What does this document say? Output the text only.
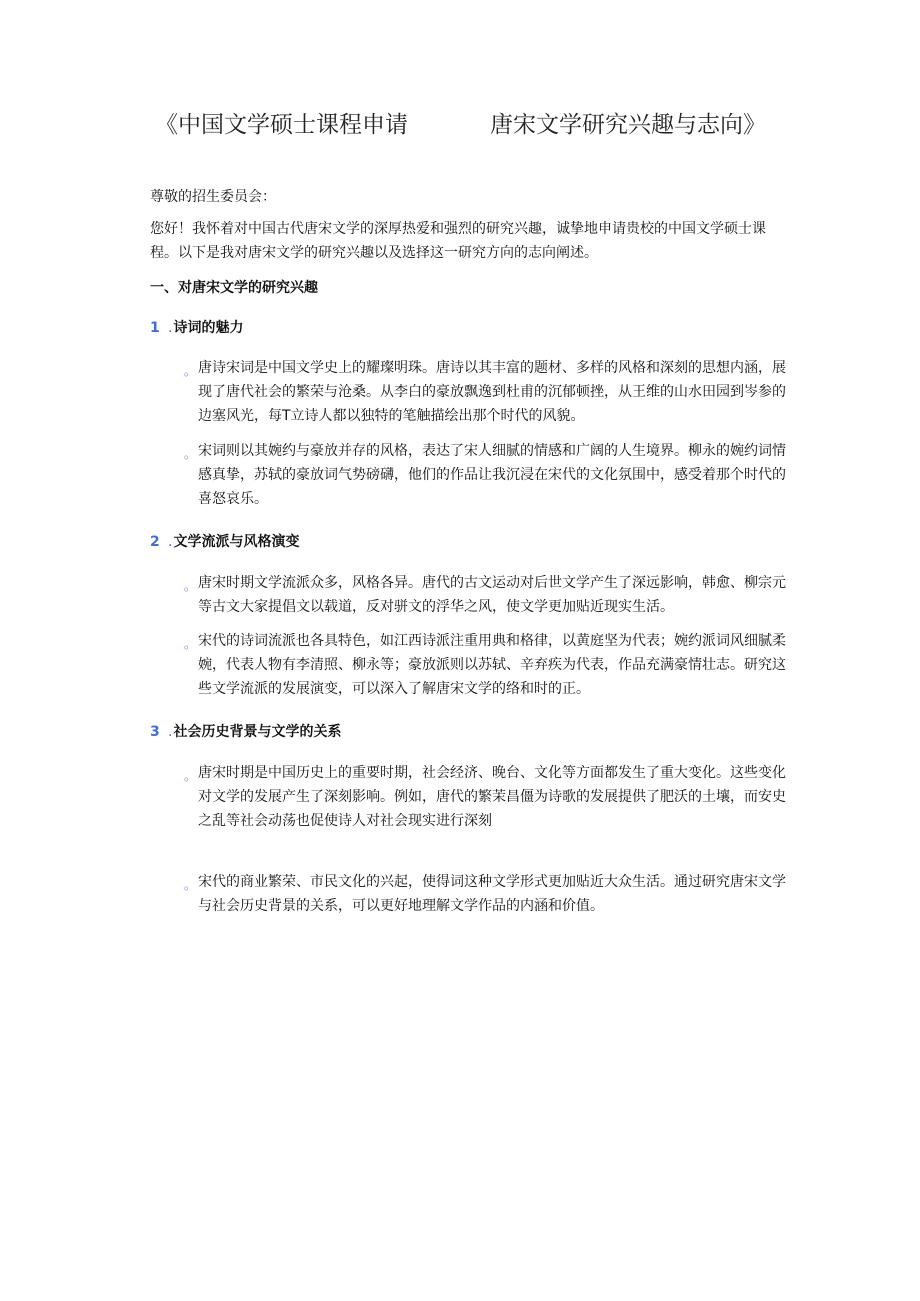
《中国文学硕士课程申请	唐宋文学研究兴趣与志向》
尊敬的招生委员会：
您好！我怀着对中国古代唐宋文学的深厚热爱和强烈的研究兴趣，诚挚地申请贵校的中国文学硕士课程。以下是我对唐宋文学的研究兴趣以及选择这一研究方向的志向阐述。
一、对唐宋文学的研究兴趣
1 .诗词的魅力
。 唐诗宋词是中国文学史上的耀璨明珠。唐诗以其丰富的题材、多样的风格和深刻的思想内涵，展现了唐代社会的繁荣与沧桑。从李白的豪放飘逸到杜甫的沉郁顿挫，从王维的山水田园到岑参的边塞风光，每T立诗人都以独特的笔触描绘出那个时代的风貌。
。 宋词则以其婉约与豪放并存的风格，表达了宋人细腻的情感和广阔的人生境界。柳永的婉约词情感真挚，苏轼的豪放词气势磅礴，他们的作品让我沉浸在宋代的文化氛围中，感受着那个时代的喜怒哀乐。
2 .文学流派与风格演变
。 唐宋时期文学流派众多，风格各异。唐代的古文运动对后世文学产生了深远影响，韩愈、柳宗元等古文大家提倡文以载道，反对骈文的浮华之风，使文学更加贴近现实生活。
。 宋代的诗词流派也各具特色，如江西诗派注重用典和格律，以黄庭坚为代表；婉约派词风细腻柔婉，代表人物有李清照、柳永等；豪放派则以苏轼、辛弃疾为代表，作品充满豪情壮志。研究这些文学流派的发展演变，可以深入了解唐宋文学的络和时的正。
3 .社会历史背景与文学的关系
。 唐宋时期是中国历史上的重要时期，社会经济、晚台、文化等方面都发生了重大变化。这些变化对文学的发展产生了深刻影响。例如，唐代的繁茉昌僵为诗歌的发展提供了肥沃的土壤，而安史之乱等社会动荡也促使诗人对社会现实进行深刻
。 宋代的商业繁荣、市民文化的兴起，使得词这种文学形式更加贴近大众生活。通过研究唐宋文学与社会历史背景的关系，可以更好地理解文学作品的内涵和价值。
